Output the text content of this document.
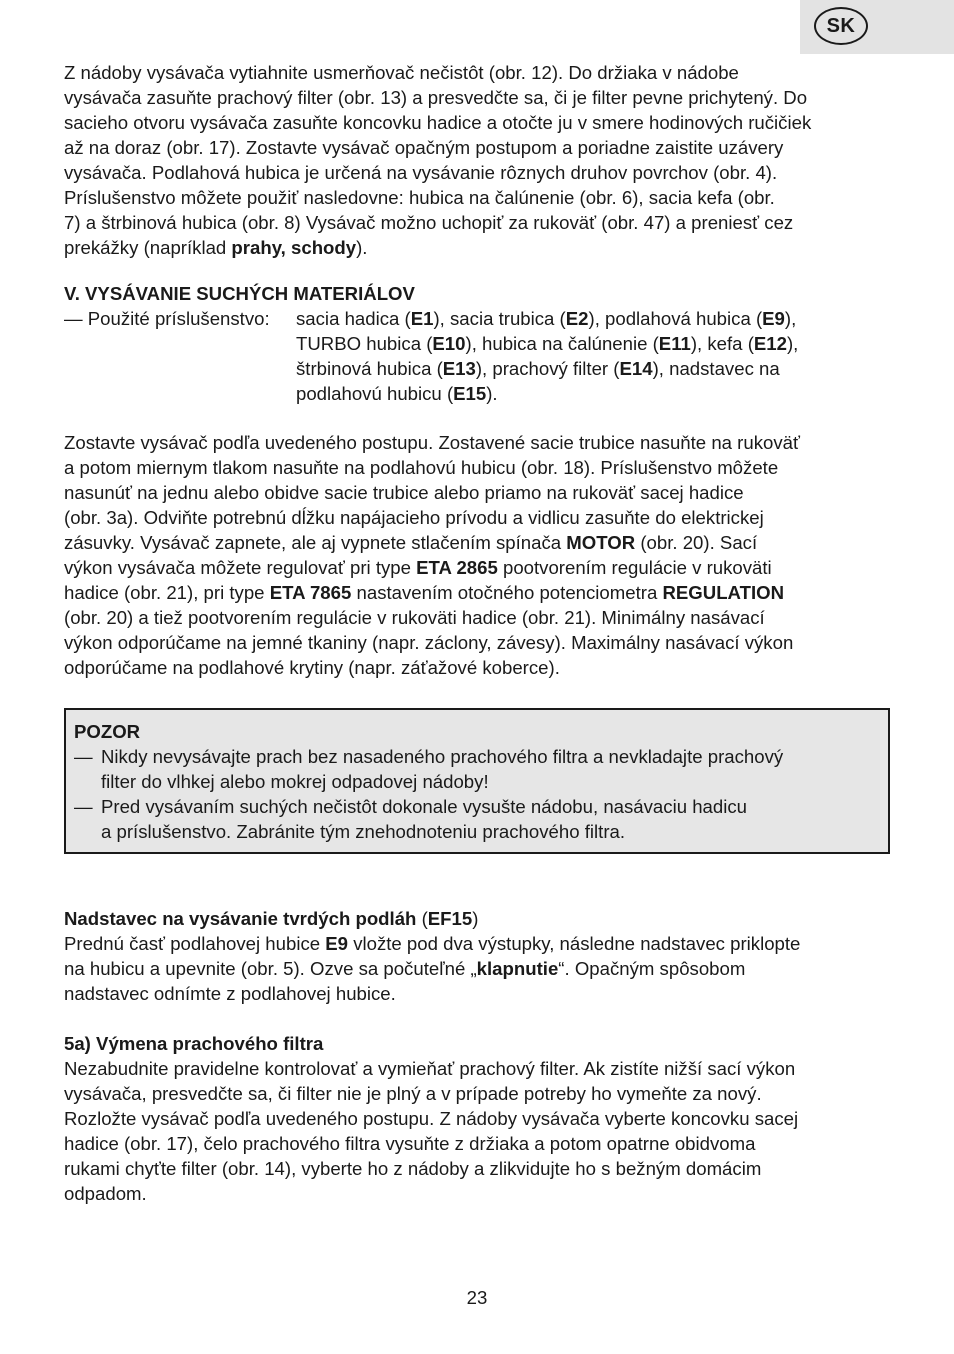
SK

Z nádoby vysávača vytiahnite usmerňovač nečistôt (obr. 12). Do držiaka v nádobe

vysávača zasuňte prachový filter (obr. 13) a presvedčte sa, či je filter pevne prichytený. Do

sacieho otvoru vysávača zasuňte koncovku hadice a otočte ju v smere hodinových ručičiek

až na doraz (obr. 17). Zostavte vysávač opačným postupom a poriadne zaistite uzávery

vysávača. Podlahová hubica je určená na vysávanie rôznych druhov povrchov (obr. 4).

Príslušenstvo môžete použiť nasledovne: hubica na čalúnenie (obr. 6), sacia kefa (obr.

7) a štrbinová hubica (obr. 8) Vysávač možno uchopiť za rukoväť (obr. 47) a preniesť cez

prekážky (napríklad prahy, schody).

V. VYSÁVANIE SUCHÝCH MATERIÁLOV
— Použité príslušenstvo: sacia hadica (E1), sacia trubica (E2), podlahová hubica (E9),

TURBO hubica (E10), hubica na čalúnenie (E11), kefa (E12),

štrbinová hubica (E13), prachový filter (E14), nadstavec na

podlahovú hubicu (E15).

Zostavte vysávač podľa uvedeného postupu. Zostavené sacie trubice nasuňte na rukoväť

a potom miernym tlakom nasuňte na podlahovú hubicu (obr. 18). Príslušenstvo môžete

nasunúť na jednu alebo obidve sacie trubice alebo priamo na rukoväť sacej hadice

(obr. 3a). Odviňte potrebnú dĺžku napájacieho prívodu a vidlicu zasuňte do elektrickej

zásuvky. Vysávač zapnete, ale aj vypnete stlačením spínača MOTOR (obr. 20). Sací

výkon vysávača môžete regulovať pri type ETA 2865 pootvorením regulácie v rukoväti

hadice (obr. 21), pri type ETA 7865 nastavením otočného potenciometra REGULATION

(obr. 20) a tiež pootvorením regulácie v rukoväti hadice (obr. 21). Minimálny nasávací

výkon odporúčame na jemné tkaniny (napr. záclony, závesy). Maximálny nasávací výkon

odporúčame na podlahové krytiny (napr. záťažové koberce).

POZOR

— Nikdy nevysávajte prach bez nasadeného prachového filtra a nevkladajte prachový

filter do vlhkej alebo mokrej odpadovej nádoby!

— Pred vysávaním suchých nečistôt dokonale vysušte nádobu, nasávaciu hadicu

a príslušenstvo. Zabránite tým znehodnoteniu prachového filtra.

Nadstavec na vysávanie tvrdých podláh (EF15)

Prednú časť podlahovej hubice E9 vložte pod dva výstupky, následne nadstavec priklopte

na hubicu a upevnite (obr. 5). Ozve sa počuteľné „klapnutie“. Opačným spôsobom

nadstavec odnímte z podlahovej hubice.

5a) Výmena prachového filtra

Nezabudnite pravidelne kontrolovať a vymieňať prachový filter. Ak zistíte nižší sací výkon

vysávača, presvedčte sa, či filter nie je plný a v prípade potreby ho vymeňte za nový.

Rozložte vysávač podľa uvedeného postupu. Z nádoby vysávača vyberte koncovku sacej

hadice (obr. 17), čelo prachového filtra vysuňte z držiaka a potom opatrne obidvoma

rukami chyťte filter (obr. 14), vyberte ho z nádoby a zlikvidujte ho s bežným domácim

odpadom.

23
